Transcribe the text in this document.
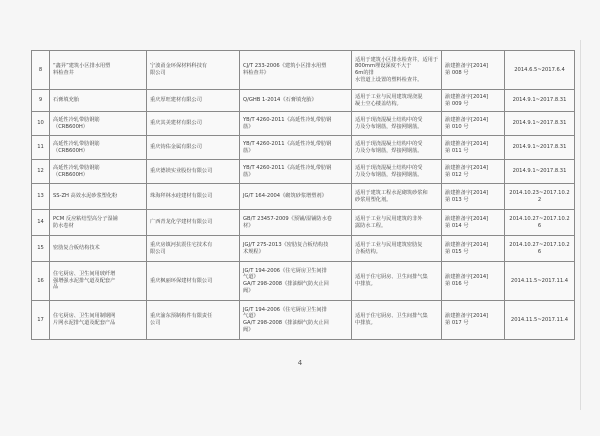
8	“鑫昇”建筑小区排水用塑
料检查井	宁波甬金环保材料科技有
限公司	CJ/T 233-2006《建筑小区排水用塑
料检查井》	适用于建筑小区排水检查井，适用于
800mm埋设深度不大于
6m的排
水管道上设置的塑料检查井。	渝建推备字[2014]
第 008 号	2014.6.5~2017.6.4
9	石膏填充胎	重庆厚旺建材有限公司	Q/GHB 1-2014《石膏填充胎》	适用于工业与民用建筑现浇混
凝土空心楼盖结构。	渝建推备字[2014]
第 009 号	2014.9.1~2017.8.31
10	高延性冷轧带肋钢筋
（CRB600H）	重庆其美建材有限公司	YB/T 4260-2011《高延性冷轧带肋钢
筋》	适用于现浇混凝土结构中的受
力及分布钢筋，焊接网钢筋。	渝建推备字[2014]
第 010 号	2014.9.1~2017.8.31
11	高延性冷轧带肋钢筋
（CRB600H）	重庆钧佑金属有限公司	YB/T 4260-2011《高延性冷轧带肋钢
筋》	适用于现浇混凝土结构中的受
力及分布钢筋，焊接网钢筋。	渝建推备字[2014]
第 011 号	2014.9.1~2017.8.31
12	高延性冷轧带肋钢筋
（CRB600H）	重庆德镁实业股份有限公司	YB/T 4260-2011《高延性冷轧带肋钢
筋》	适用于现浇混凝土结构中的受
力及分布钢筋，焊接网钢筋。	渝建推备字[2014]
第 012 号	2014.9.1~2017.8.31
13	SS-ZH 高效水泥砂浆塑化粉	珠海拜林水硅建材有限公司	JG/T 164-2004《砌筑砂浆增塑剂》	适用于建筑工程水泥砌筑砂浆和
砂浆用塑化剂。	渝建推备字[2014]
第 013 号	2014.10.23~2017.10.22
14	PCM 反应粘结型高分子湿铺
防水卷材	广西青龙化学建材有限公司	GB/T 23457-2009《预铺/湿铺防水卷
材》	适用于工业与民用建筑的非外
露防水工程。	渝建推备字[2014]
第 014 号	2014.10.27~2017.10.26
15	密肋复合板结构技术	重庆房镇河抗震住宅技术有
限公司	JGJ/T 275-2013《密肋复合板结构技
术规程》	适用于工业与民用建筑密肋复
合板结构。	渝建推备字[2014]
第 015 号	2014.10.27~2017.10.26
16	住宅厨房、卫生间用玻纤增
强增强水泥排气道及配套产
品	重庆枫丽环保建材有限公司	JG/T 194-2006《住宅厨房卫生间排
气道》
GA/T 298-2008《排油烟气防火止回
阀》	适用于住宅厨房、卫生间排气集
中排放。	渝建推备字[2014]
第 016 号	2014.11.5~2017.11.4
17	住宅厨房、卫生间用制钢网
片网水泥排气道及配套产品	重庆渝东预制构件有限责任
公司	JG/T 194-2006《住宅厨房卫生间排
气道》
GA/T 298-2008《排油烟气防火止回
阀》	适用于住宅厨房、卫生间排气集
中排放。	渝建推备字[2014]
第 017 号	2014.11.5~2017.11.4
4
